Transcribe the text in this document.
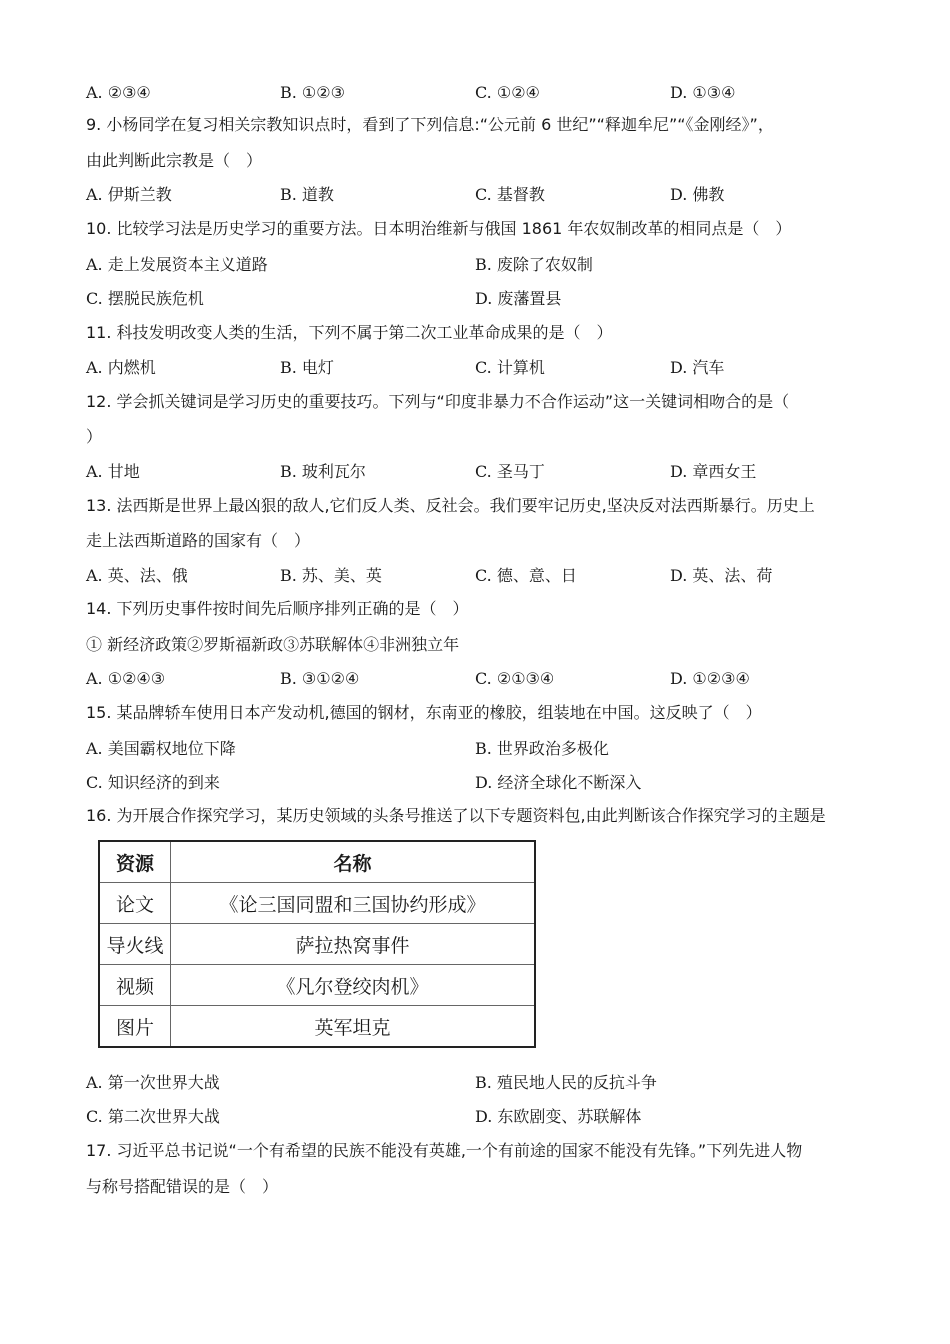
A. ②③④	B. ①②③	C. ①②④	D. ①③④
9. 小杨同学在复习相关宗教知识点时，看到了下列信息:“公元前 6 世纪”“释迦牟尼”“《金刚经》”，
由此判断此宗教是（　）
A. 伊斯兰教	B. 道教	C. 基督教	D. 佛教
10. 比较学习法是历史学习的重要方法。日本明治维新与俄国 1861 年农奴制改革的相同点是（　）
A. 走上发展资本主义道路	B. 废除了农奴制
C. 摆脱民族危机	D. 废藩置县
11. 科技发明改变人类的生活，下列不属于第二次工业革命成果的是（　）
A. 内燃机	B. 电灯	C. 计算机	D. 汽车
12. 学会抓关键词是学习历史的重要技巧。下列与“印度非暴力不合作运动”这一关键词相吻合的是（
）
A. 甘地	B. 玻利瓦尔	C. 圣马丁	D. 章西女王
13. 法西斯是世界上最凶狠的敌人,它们反人类、反社会。我们要牢记历史,坚决反对法西斯暴行。历史上
走上法西斯道路的国家有（　）
A. 英、法、俄	B. 苏、美、英	C. 德、意、日	D. 英、法、荷
14. 下列历史事件按时间先后顺序排列正确的是（　）
① 新经济政策②罗斯福新政③苏联解体④非洲独立年
A. ①②④③	B. ③①②④	C. ②①③④	D. ①②③④
15. 某品牌轿车使用日本产发动机,德国的钢材，东南亚的橡胶，组装地在中国。这反映了（　）
A. 美国霸权地位下降	B. 世界政治多极化
C. 知识经济的到来	D. 经济全球化不断深入
16. 为开展合作探究学习，某历史领域的头条号推送了以下专题资料包,由此判断该合作探究学习的主题是
资源	名称
论文	《论三国同盟和三国协约形成》
导火线	萨拉热窝事件
视频	《凡尔登绞肉机》
图片	英军坦克
A. 第一次世界大战	B. 殖民地人民的反抗斗争
C. 第二次世界大战	D. 东欧剧变、苏联解体
17. 习近平总书记说“一个有希望的民族不能没有英雄,一个有前途的国家不能没有先锋。”下列先进人物
与称号搭配错误的是（　）
